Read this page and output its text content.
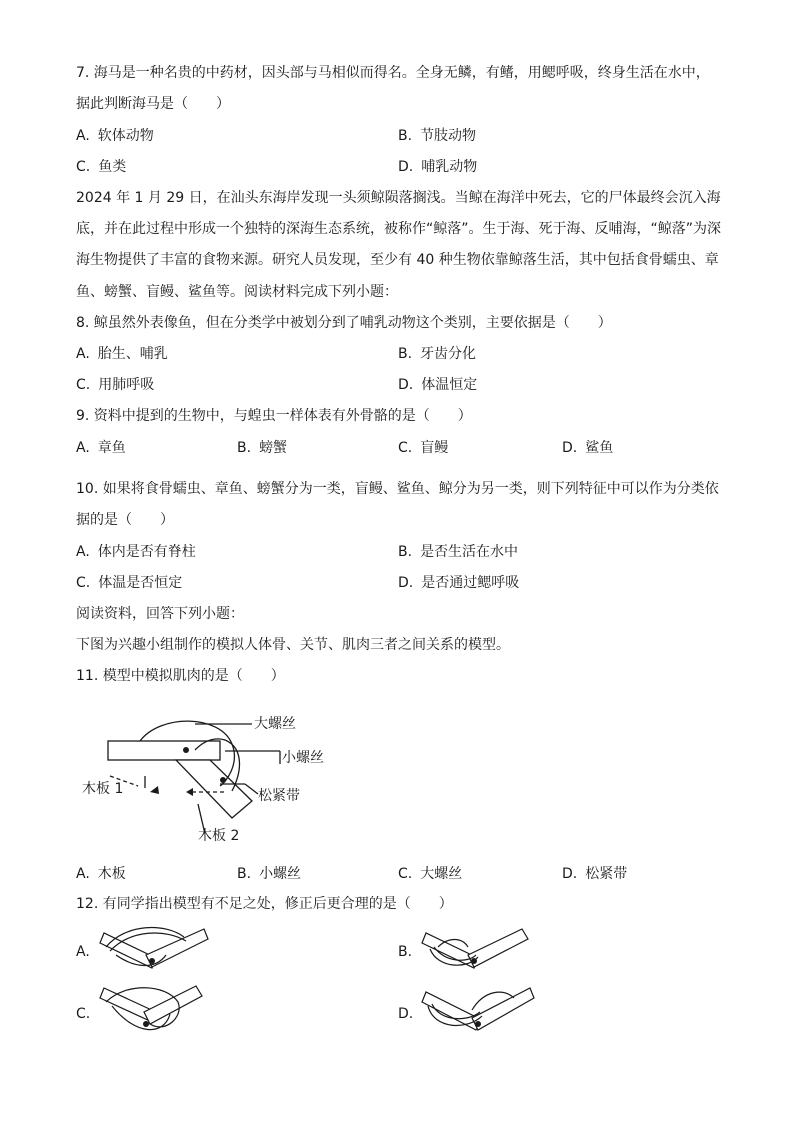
7. 海马是一种名贵的中药材，因头部与马相似而得名。全身无鳞，有鳍，用鳃呼吸，终身生活在水中，
据此判断海马是（　　）
A. 软体动物	B. 节肢动物
C. 鱼类	D. 哺乳动物
2024 年 1 月 29 日，在汕头东海岸发现一头须鲸陨落搁浅。当鲸在海洋中死去，它的尸体最终会沉入海
底，并在此过程中形成一个独特的深海生态系统，被称作“鲸落”。生于海、死于海、反哺海，“鲸落”为深
海生物提供了丰富的食物来源。研究人员发现，至少有 40 种生物依靠鲸落生活，其中包括食骨蠕虫、章
鱼、螃蟹、盲鳗、鲨鱼等。阅读材料完成下列小题：
8. 鲸虽然外表像鱼，但在分类学中被划分到了哺乳动物这个类别，主要依据是（　　）
A. 胎生、哺乳	B. 牙齿分化
C. 用肺呼吸	D. 体温恒定
9. 资料中提到的生物中，与蝗虫一样体表有外骨骼的是（　　）
A. 章鱼	B. 螃蟹	C. 盲鳗	D. 鲨鱼
10. 如果将食骨蠕虫、章鱼、螃蟹分为一类，盲鳗、鲨鱼、鲸分为另一类，则下列特征中可以作为分类依
据的是（　　）
A. 体内是否有脊柱	B. 是否生活在水中
C. 体温是否恒定	D. 是否通过鳃呼吸
阅读资料，回答下列小题：
下图为兴趣小组制作的模拟人体骨、关节、肌肉三者之间关系的模型。
11. 模型中模拟肌肉的是（　　）
大螺丝
小螺丝
松紧带
木板 1
木板 2
A. 木板	B. 小螺丝	C. 大螺丝	D. 松紧带
12. 有同学指出模型有不足之处，修正后更合理的是（　　）
A.	B.
C.	D.
